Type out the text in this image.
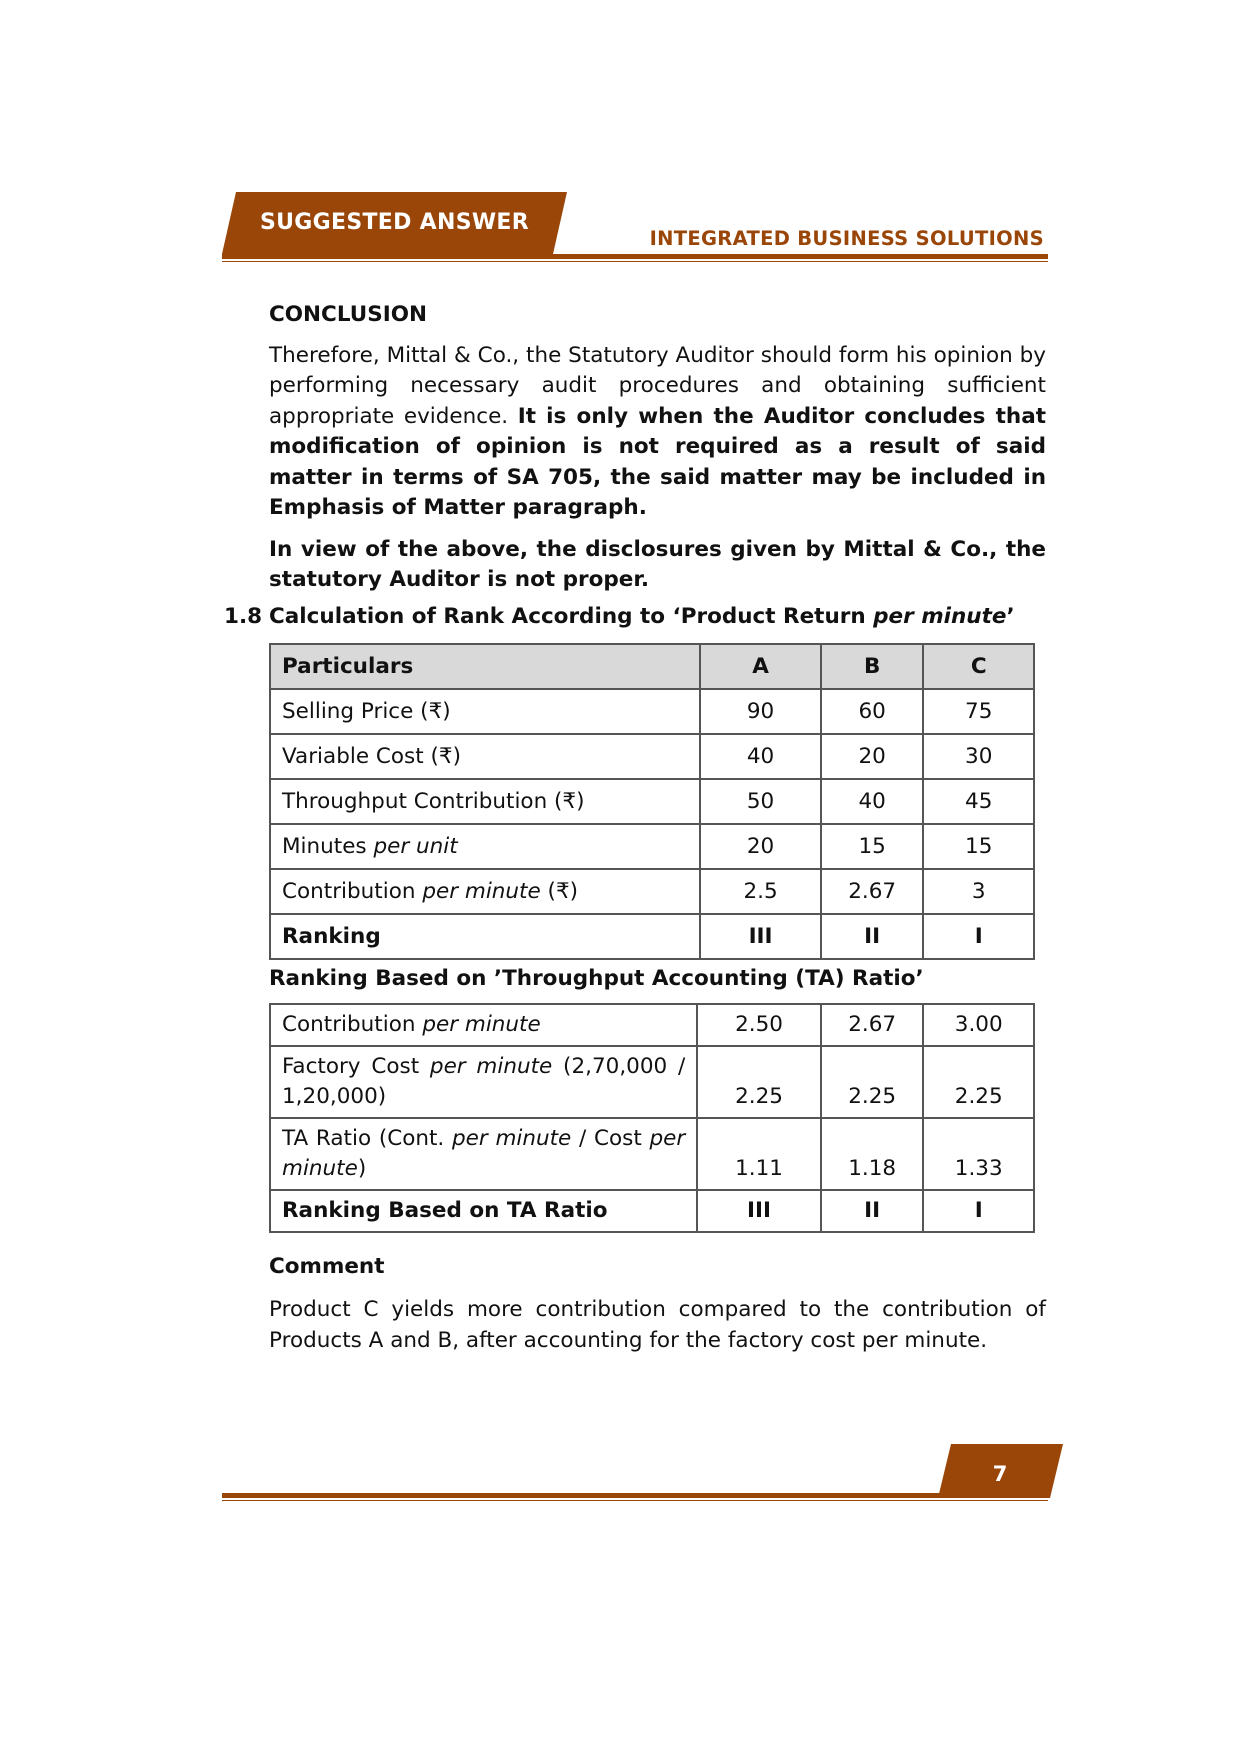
SUGGESTED ANSWER
INTEGRATED BUSINESS SOLUTIONS

CONCLUSION

Therefore, Mittal & Co., the Statutory Auditor should form his opinion by performing necessary audit procedures and obtaining sufficient appropriate evidence. It is only when the Auditor concludes that modification of opinion is not required as a result of said matter in terms of SA 705, the said matter may be included in Emphasis of Matter paragraph.

In view of the above, the disclosures given by Mittal & Co., the statutory Auditor is not proper.

1.8 Calculation of Rank According to ‘Product Return per minute’
Particulars	A	B	C
Selling Price (₹)	90	60	75
Variable Cost (₹)	40	20	30
Throughput Contribution (₹)	50	40	45
Minutes per unit	20	15	15
Contribution per minute (₹)	2.5	2.67	3
Ranking	III	II	I
Ranking Based on ’Throughput Accounting (TA) Ratio’
Contribution per minute	2.50	2.67	3.00
Factory Cost per minute (2,70,000 / 1,20,000)	2.25	2.25	2.25
TA Ratio (Cont. per minute / Cost per minute)	1.11	1.18	1.33
Ranking Based on TA Ratio	III	II	I
Comment
Product C yields more contribution compared to the contribution of Products A and B, after accounting for the factory cost per minute.
7
